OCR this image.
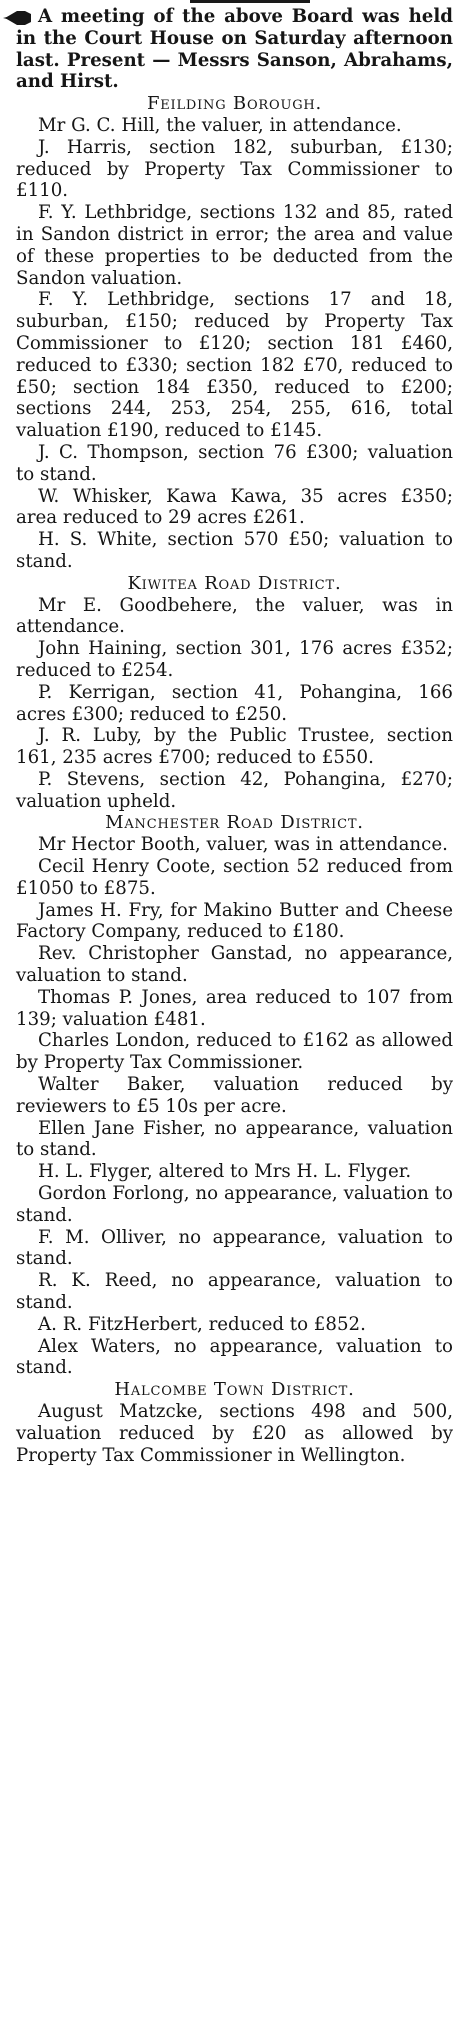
A meeting of the above Board was held in the Court House on Saturday afternoon last. Present — Messrs Sanson, Abrahams, and Hirst.

Feilding Borough.

Mr G. C. Hill, the valuer, in attendance.

J. Harris, section 182, suburban, £130; reduced by Property Tax Commissioner to £110.

F. Y. Lethbridge, sections 132 and 85, rated in Sandon district in error; the area and value of these properties to be deducted from the Sandon valuation.

F. Y. Lethbridge, sections 17 and 18, suburban, £150; reduced by Property Tax Commissioner to £120; section 181 £460, reduced to £330; section 182 £70, reduced to £50; section 184 £350, reduced to £200; sections 244, 253, 254, 255, 616, total valuation £190, reduced to £145.

J. C. Thompson, section 76 £300; valuation to stand.

W. Whisker, Kawa Kawa, 35 acres £350; area reduced to 29 acres £261.

H. S. White, section 570 £50; valuation to stand.

Kiwitea Road District.

Mr E. Goodbehere, the valuer, was in attendance.

John Haining, section 301, 176 acres £352; reduced to £254.

P. Kerrigan, section 41, Pohangina, 166 acres £300; reduced to £250.

J. R. Luby, by the Public Trustee, section 161, 235 acres £700; reduced to £550.

P. Stevens, section 42, Pohangina, £270; valuation upheld.

Manchester Road District.

Mr Hector Booth, valuer, was in attendance.

Cecil Henry Coote, section 52 reduced from £1050 to £875.

James H. Fry, for Makino Butter and Cheese Factory Company, reduced to £180.

Rev. Christopher Ganstad, no appearance, valuation to stand.

Thomas P. Jones, area reduced to 107 from 139; valuation £481.

Charles London, reduced to £162 as allowed by Property Tax Commissioner.

Walter Baker, valuation reduced by reviewers to £5 10s per acre.

Ellen Jane Fisher, no appearance, valuation to stand.

H. L. Flyger, altered to Mrs H. L. Flyger.

Gordon Forlong, no appearance, valuation to stand.

F. M. Olliver, no appearance, valuation to stand.

R. K. Reed, no appearance, valuation to stand.

A. R. FitzHerbert, reduced to £852.

Alex Waters, no appearance, valuation to stand.

Halcombe Town District.

August Matzcke, sections 498 and 500, valuation reduced by £20 as allowed by Property Tax Commissioner in Wellington.
